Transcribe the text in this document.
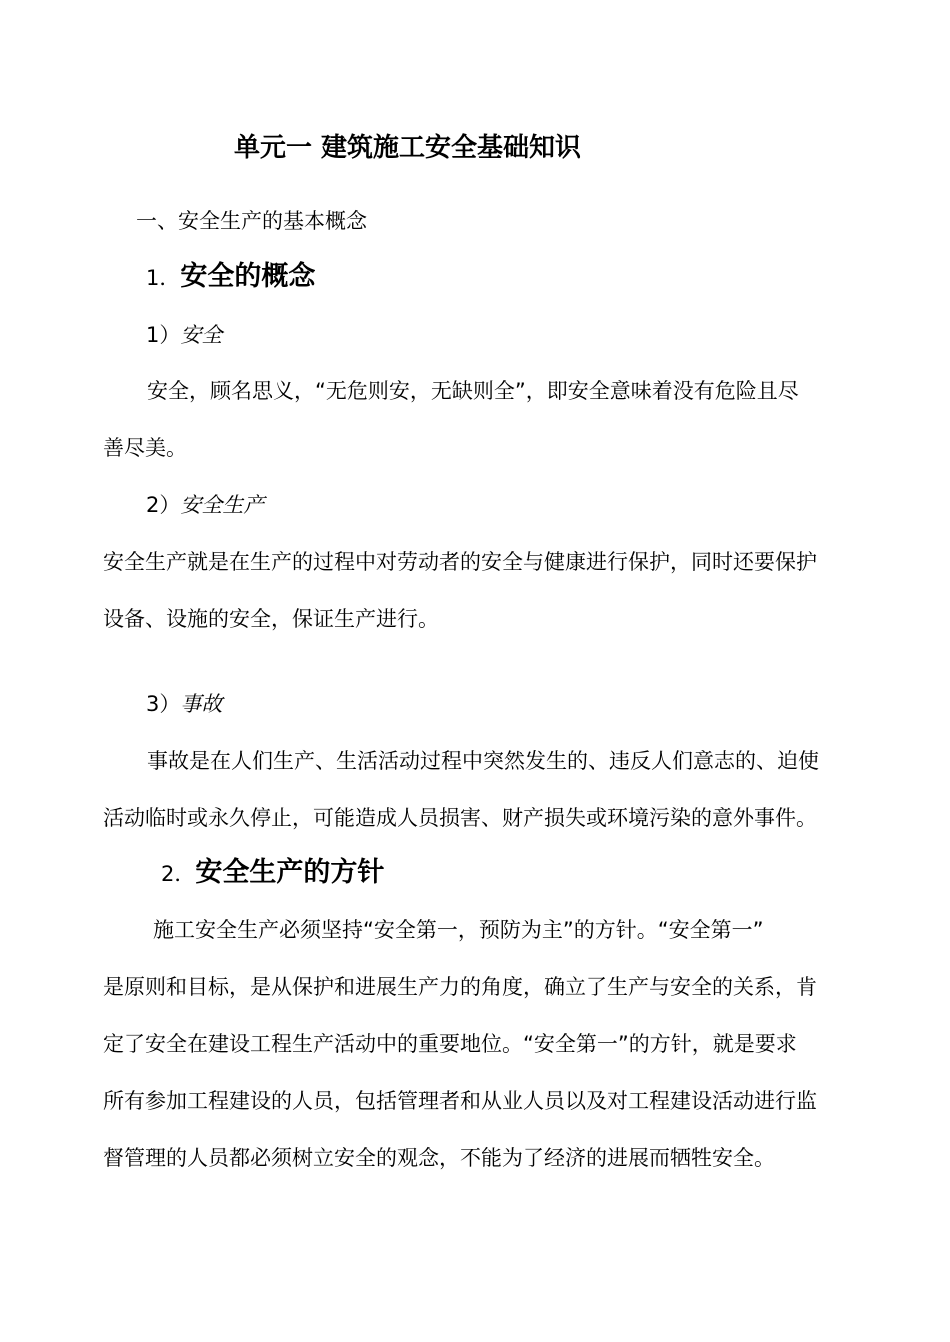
单元一 建筑施工安全基础知识
一、安全生产的基本概念
1．安全的概念
1）安全
安全，顾名思义，“无危则安，无缺则全”，即安全意味着没有危险且尽
善尽美。
2）安全生产
安全生产就是在生产的过程中对劳动者的安全与健康进行保护，同时还要保护
设备、设施的安全，保证生产进行。
3）事故
事故是在人们生产、生活活动过程中突然发生的、违反人们意志的、迫使
活动临时或永久停止，可能造成人员损害、财产损失或环境污染的意外事件。
2．安全生产的方针
施工安全生产必须坚持“安全第一，预防为主”的方针。“安全第一”
是原则和目标，是从保护和进展生产力的角度，确立了生产与安全的关系，肯
定了安全在建设工程生产活动中的重要地位。“安全第一”的方针，就是要求
所有参加工程建设的人员，包括管理者和从业人员以及对工程建设活动进行监
督管理的人员都必须树立安全的观念，不能为了经济的进展而牺牲安全。
